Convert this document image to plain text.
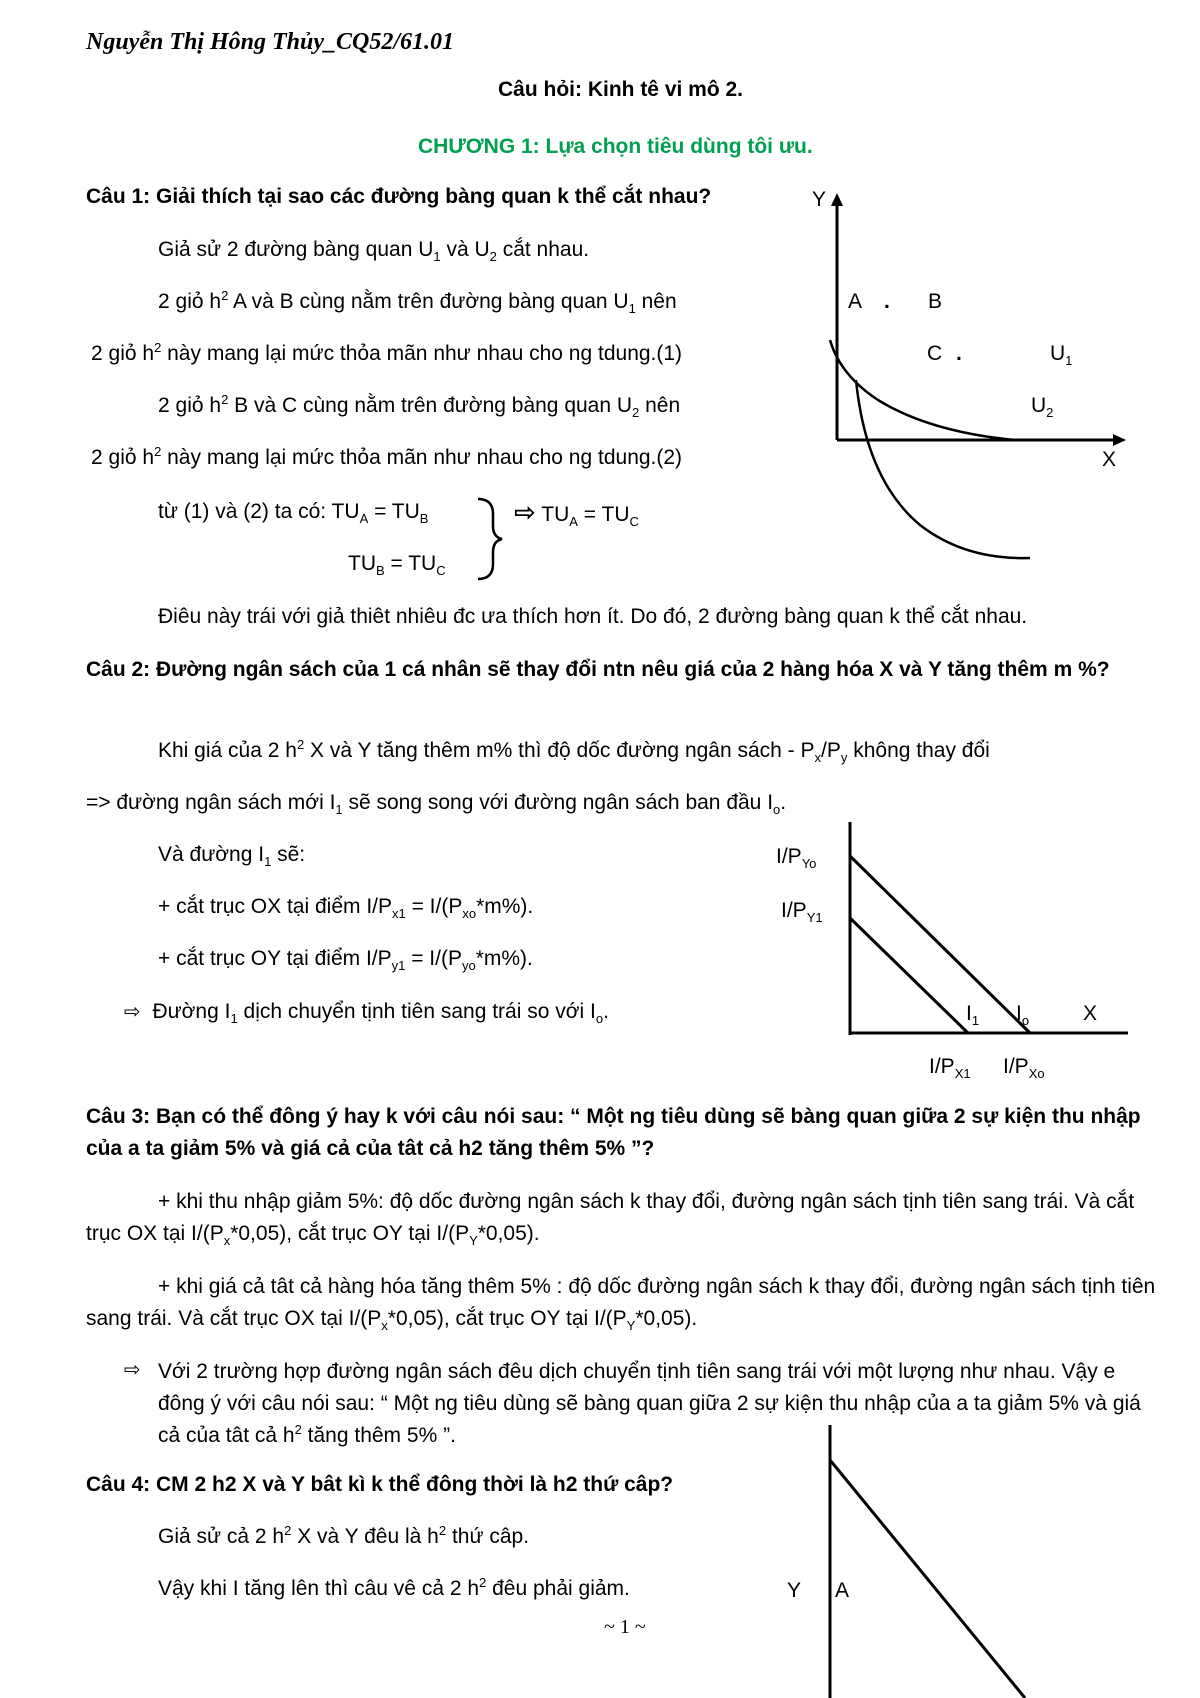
Nguyễn Thị Hông Thủy_CQ52/61.01
Câu hỏi: Kinh tê vi mô 2.
CHƯƠNG 1: Lựa chọn tiêu dùng tôi ưu.
Câu 1: Giải thích tại sao các đường bàng quan k thể cắt nhau?
Giả sử 2 đường bàng quan $U_1$ và $U_2$ cắt nhau.
2 giỏ $h^2$ A và B cùng nằm trên đường bàng quan $U_1$ nên
2 giỏ $h^2$ này mang lại mức thỏa mãn như nhau cho ng tdung.(1)
2 giỏ $h^2$ B và C cùng nằm trên đường bàng quan $U_2$ nên
2 giỏ $h^2$ này mang lại mức thỏa mãn như nhau cho ng tdung.(2)
từ (1) và (2) ta có: $TU_A = TU_B$
$TU_B = TU_C$
⇨ $TU_A = TU_C$
Điêu này trái với giả thiêt nhiêu đc ưa thích hơn ít. Do đó, 2 đường bàng quan k thể cắt nhau.
Y
X
A . B
C .	$U_1$
$U_2$
Câu 2: Đường ngân sách của 1 cá nhân sẽ thay đổi ntn nêu giá của 2 hàng hóa X và Y tăng thêm m %?
Khi giá của 2 $h^2$ X và Y tăng thêm m% thì độ dốc đường ngân sách - $P_x/P_y$ không thay đổi
=> đường ngân sách mới $I_1$ sẽ song song với đường ngân sách ban đầu $I_o$.
Và đường $I_1$ sẽ:
+ cắt trục OX tại điểm $I/P_{x1} = I/(P_{xo}*m\%)$.
+ cắt trục OY tại điểm $I/P_{y1} = I/(P_{yo}*m\%)$.
⇨ Đường $I_1$ dịch chuyển tịnh tiên sang trái so với $I_o$.
$I/P_{Yo}$
$I/P_{Y1}$
$I_1$ $I_o$	X
$I/P_{X1}$ $I/P_{Xo}$
Câu 3: Bạn có thể đông ý hay k với câu nói sau: “ Một ng tiêu dùng sẽ bàng quan giữa 2 sự kiện thu nhập của a ta giảm 5% và giá cả của tât cả h2 tăng thêm 5% ”?
+ khi thu nhập giảm 5%: độ dốc đường ngân sách k thay đổi, đường ngân sách tịnh tiên sang trái. Và cắt trục OX tại $I/(P_x*0,05)$, cắt trục OY tại $I/(P_Y*0,05)$.
+ khi giá cả tât cả hàng hóa tăng thêm 5% : độ dốc đường ngân sách k thay đổi, đường ngân sách tịnh tiên sang trái. Và cắt trục OX tại $I/(P_x*0,05)$, cắt trục OY tại $I/(P_Y*0,05)$.
⇨ Với 2 trường hợp đường ngân sách đêu dịch chuyển tịnh tiên sang trái với một lượng như nhau. Vậy e đông ý với câu nói sau: “ Một ng tiêu dùng sẽ bàng quan giữa 2 sự kiện thu nhập của a ta giảm 5% và giá cả của tât cả $h^2$ tăng thêm 5% ”.
Câu 4: CM 2 h2 X và Y bât kì k thể đông thời là h2 thứ câp?
Giả sử cả 2 $h^2$ X và Y đêu là $h^2$ thứ câp.
Vậy khi I tăng lên thì câu vê cả 2 $h^2$ đêu phải giảm.	Y A
~ 1 ~
